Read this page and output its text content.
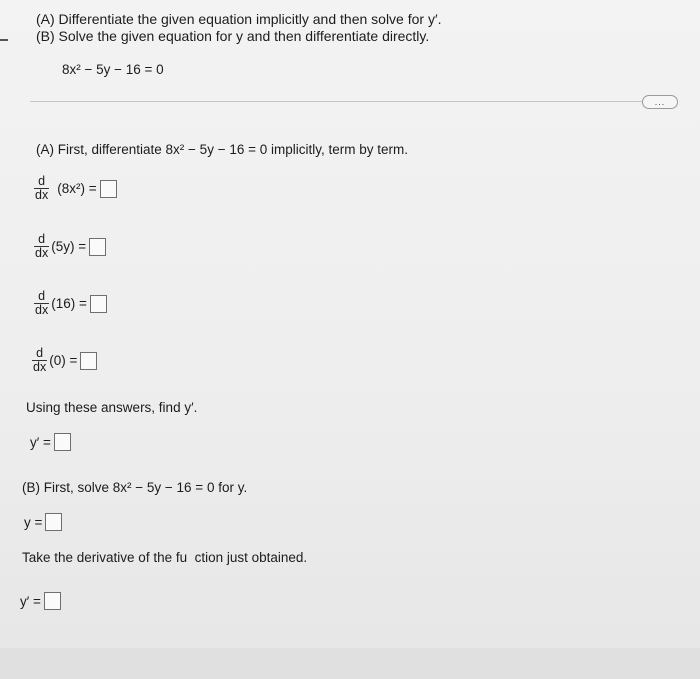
(A) Differentiate the given equation implicitly and then solve for y′.
(B) Solve the given equation for y and then differentiate directly.
8x² − 5y − 16 = 0
...
(A) First, differentiate 8x² − 5y − 16 = 0 implicitly, term by term.
$\frac{d}{dx} (8x^2)$ =
$\frac{d}{dx} (5y)$ =
$\frac{d}{dx} (16)$ =
$\frac{d}{dx} (0)$ =
Using these answers, find y′.
y′ =
(B) First, solve 8x² − 5y − 16 = 0 for y.
y =
Take the derivative of the fu  ction just obtained.
y′ =
